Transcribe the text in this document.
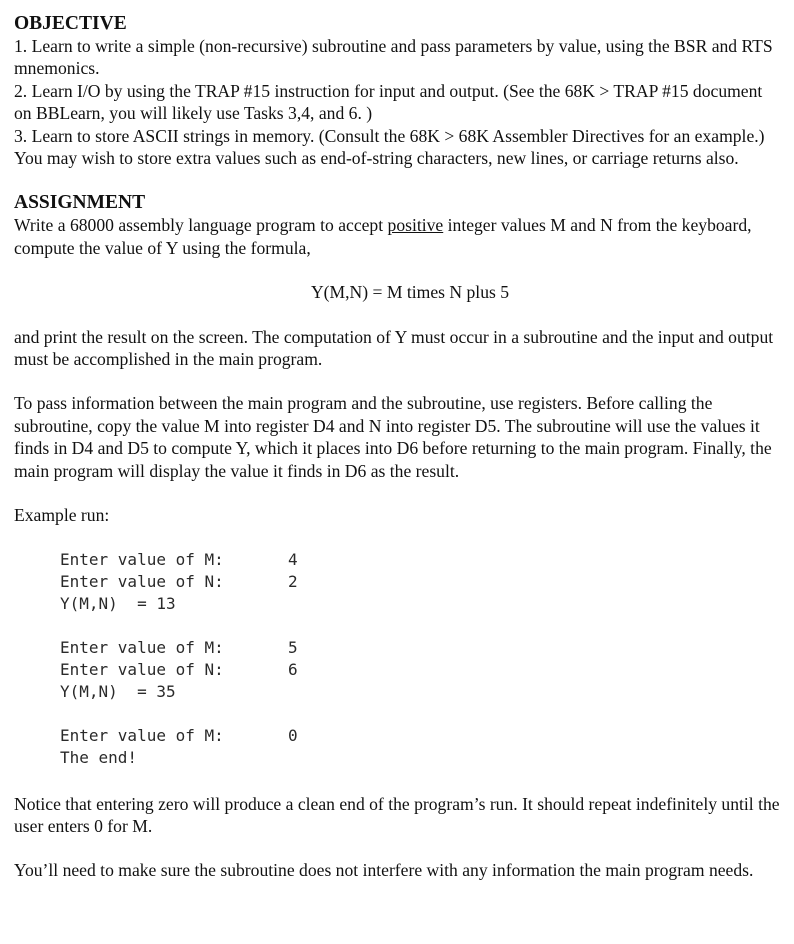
OBJECTIVE

1. Learn to write a simple (non-recursive) subroutine and pass parameters by value, using the BSR and RTS mnemonics.

2. Learn I/O by using the TRAP #15 instruction for input and output. (See the 68K > TRAP #15 document on BBLearn, you will likely use Tasks 3,4, and 6. )

3. Learn to store ASCII strings in memory. (Consult the 68K > 68K Assembler Directives for an example.) You may wish to store extra values such as end-of-string characters, new lines, or carriage returns also.

ASSIGNMENT

Write a 68000 assembly language program to accept positive integer values M and N from the keyboard, compute the value of Y using the formula,

Y(M,N) = M times N plus 5

and print the result on the screen. The computation of Y must occur in a subroutine and the input and output must be accomplished in the main program.

To pass information between the main program and the subroutine, use registers. Before calling the subroutine, copy the value M into register D4 and N into register D5. The subroutine will use the values it finds in D4 and D5 to compute Y, which it places into D6 before returning to the main program. Finally, the main program will display the value it finds in D6 as the result.

Example run:

Enter value of M:	4
Enter value of N:	2
Y(M,N)  = 13
Enter value of M:	5
Enter value of N:	6
Y(M,N)  = 35
Enter value of M:	0
The end!

Notice that entering zero will produce a clean end of the program’s run. It should repeat indefinitely until the user enters 0 for M.

You’ll need to make sure the subroutine does not interfere with any information the main program needs.
